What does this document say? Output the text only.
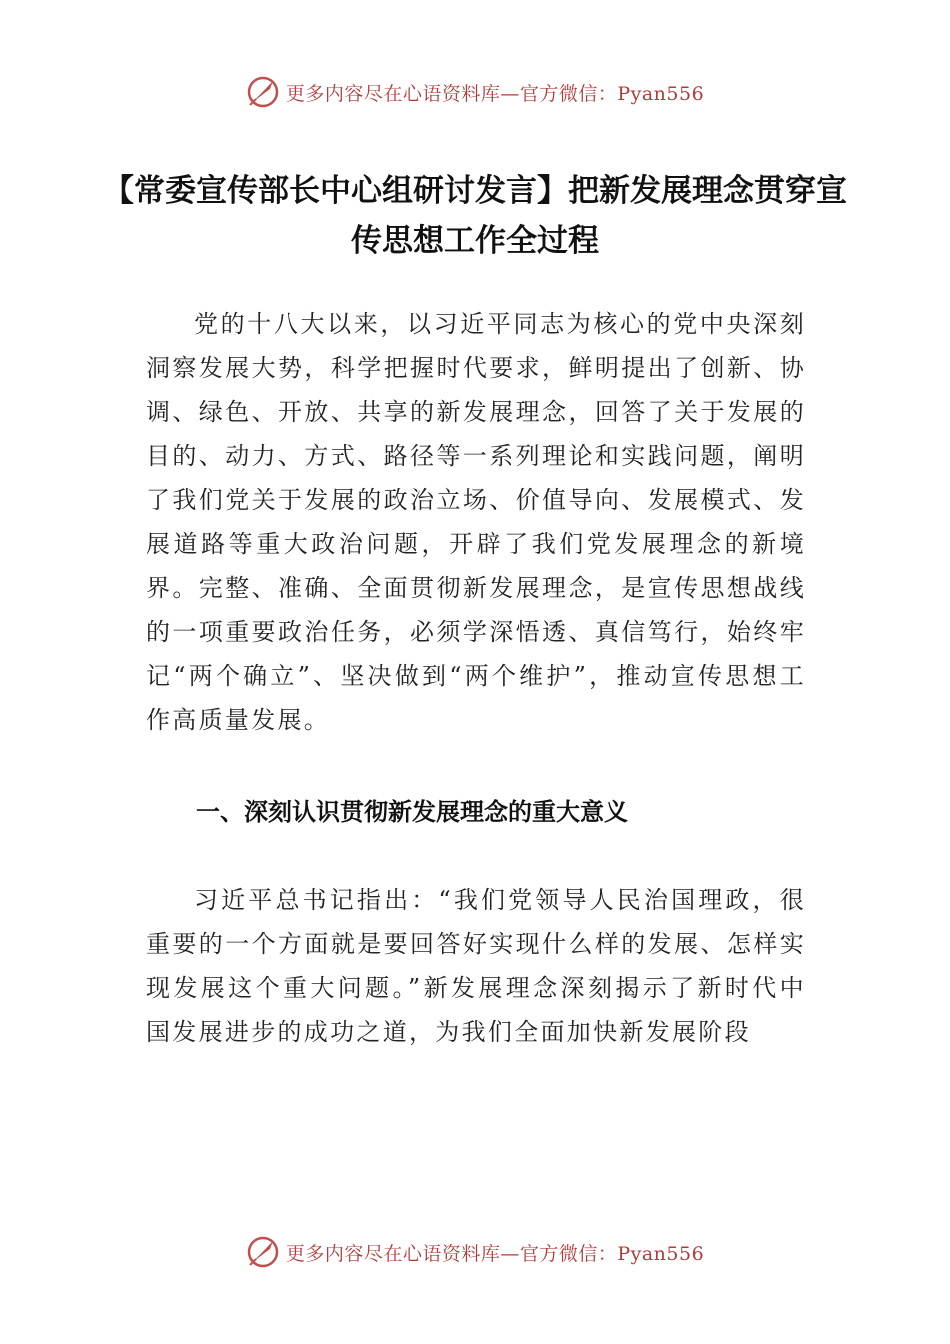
更多内容尽在心语资料库—官方微信：Pyan556
【常委宣传部长中心组研讨发言】把新发展理念贯穿宣传思想工作全过程

党的十八大以来，以习近平同志为核心的党中央深刻洞察发展大势，科学把握时代要求，鲜明提出了创新、协调、绿色、开放、共享的新发展理念，回答了关于发展的目的、动力、方式、路径等一系列理论和实践问题，阐明了我们党关于发展的政治立场、价值导向、发展模式、发展道路等重大政治问题，开辟了我们党发展理念的新境界。完整、准确、全面贯彻新发展理念，是宣传思想战线的一项重要政治任务，必须学深悟透、真信笃行，始终牢记“两个确立”、坚决做到“两个维护”，推动宣传思想工作高质量发展。

一、深刻认识贯彻新发展理念的重大意义

习近平总书记指出：“我们党领导人民治国理政，很重要的一个方面就是要回答好实现什么样的发展、怎样实现发展这个重大问题。”新发展理念深刻揭示了新时代中国发展进步的成功之道，为我们全面加快新发展阶段

更多内容尽在心语资料库—官方微信：Pyan556
